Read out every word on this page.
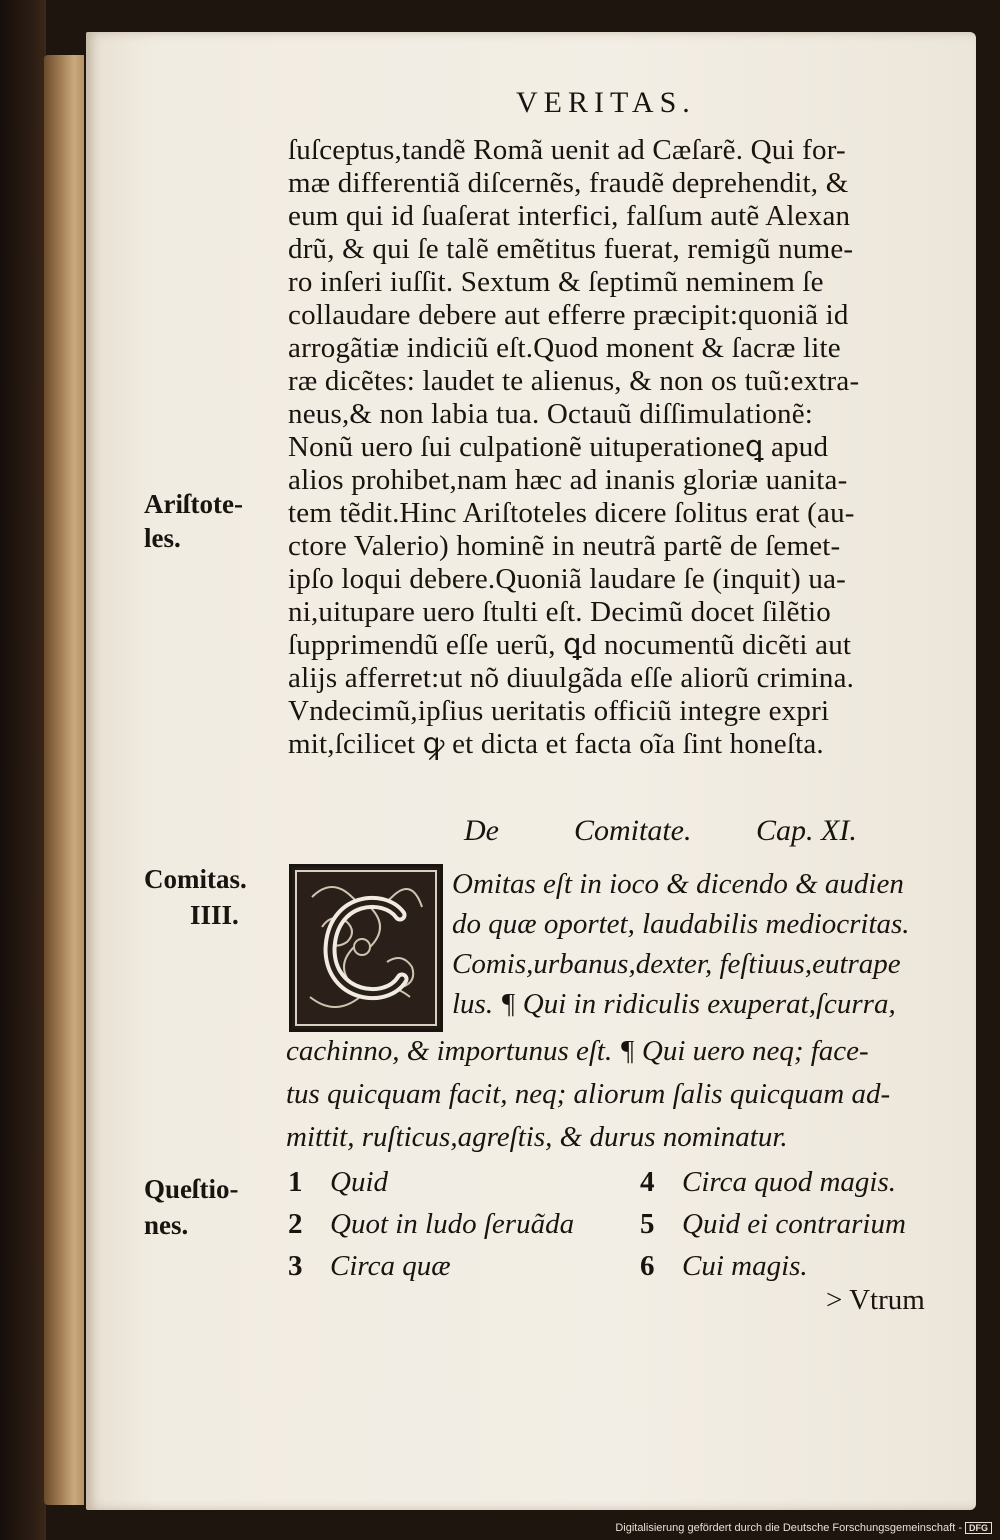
VERITAS.
ſuſceptus,tandẽ Romã uenit ad Cæſarẽ. Qui for-
mæ differentiã diſcernẽs, fraudẽ deprehendit, &
eum qui id ſuaſerat interfici, falſum autẽ Alexan
drũ, & qui ſe talẽ emẽtitus fuerat, remigũ nume-
ro inſeri iuſſit. Sextum & ſeptimũ neminem ſe
collaudare debere aut efferre præcipit:quoniã id
arrogãtiæ indiciũ eſt.Quod monent & ſacræ lite
ræ dicẽtes: laudet te alienus, & non os tuũ:extra-
neus,& non labia tua. Octauũ diſſimulationẽ:
Nonũ uero ſui culpationẽ uituperationeꝗ apud
alios prohibet,nam hæc ad inanis gloriæ uanita-
tem tẽdit.Hinc Ariſtoteles dicere ſolitus erat (au-
ctore Valerio) hominẽ in neutrã partẽ de ſemet-
ipſo loqui debere.Quoniã laudare ſe (inquit) ua-
ni,uitupare uero ſtulti eſt. Decimũ docet ſilẽtio
ſupprimendũ eſſe uerũ, ꝗd nocumentũ dicẽti aut
alijs afferret:ut nõ diuulgãda eſſe aliorũ crimina.
Vndecimũ,ipſius ueritatis officiũ integre expri
mit,ſcilicet ꝙ et dicta et facta oĩa ſint honeſta.
Ariſtote-
les.
De	Comitate. Cap. XI.
Comitas.
IIII.
Omitas eſt in ioco & dicendo & audien
do quæ oportet, laudabilis mediocritas.
Comis,urbanus,dexter, feſtiuus,eutrape
lus. ¶ Qui in ridiculis exuperat,ſcurra,
cachinno, & importunus eſt. ¶ Qui uero neq; face-
tus quicquam facit, neq; aliorum ſalis quicquam ad-
mittit, ruſticus,agreſtis, & durus nominatur.
Queſtio-
nes.
1 Quid
2 Quot in ludo ſeruãda
3 Circa quæ
4 Circa quod magis.
5 Quid ei contrarium
6 Cui magis.
> Vtrum
Digitalisierung gefördert durch die Deutsche Forschungsgemeinschaft - DFG
